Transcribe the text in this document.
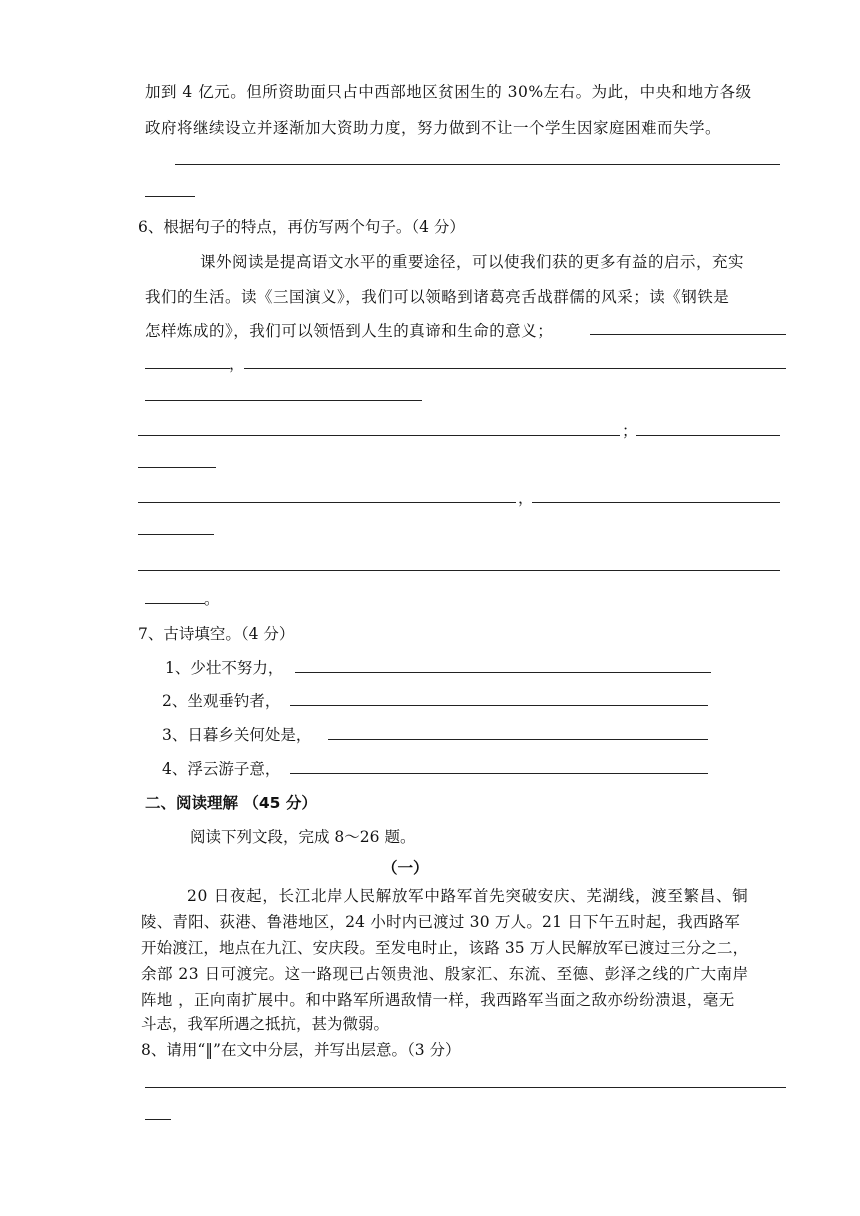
加到 4 亿元。但所资助面只占中西部地区贫困生的 30%左右。为此，中央和地方各级
政府将继续设立并逐渐加大资助力度，努力做到不让一个学生因家庭困难而失学。
6、根据句子的特点，再仿写两个句子。（4 分）
课外阅读是提高语文水平的重要途径，可以使我们获的更多有益的启示，充实
我们的生活。读《三国演义》，我们可以领略到诸葛亮舌战群儒的风采；读《钢铁是
怎样炼成的》，我们可以领悟到人生的真谛和生命的意义；
，
；
，
。
7、古诗填空。（4 分）
1、少壮不努力，
2、坐观垂钓者，
3、日暮乡关何处是，
4、浮云游子意，
二、阅读理解 （45 分）
阅读下列文段，完成 8～26 题。
（一）
20 日夜起，长江北岸人民解放军中路军首先突破安庆、芜湖线，渡至繁昌、铜
陵、青阳、荻港、鲁港地区，24 小时内已渡过 30 万人。21 日下午五时起，我西路军
开始渡江，地点在九江、安庆段。至发电时止，该路 35 万人民解放军已渡过三分之二，
余部 23 日可渡完。这一路现已占领贵池、殷家汇、东流、至德、彭泽之线的广大南岸
阵地 ，正向南扩展中。和中路军所遇敌情一样，我西路军当面之敌亦纷纷溃退，毫无
斗志，我军所遇之抵抗，甚为微弱。
8、请用“‖”在文中分层，并写出层意。（3 分）
